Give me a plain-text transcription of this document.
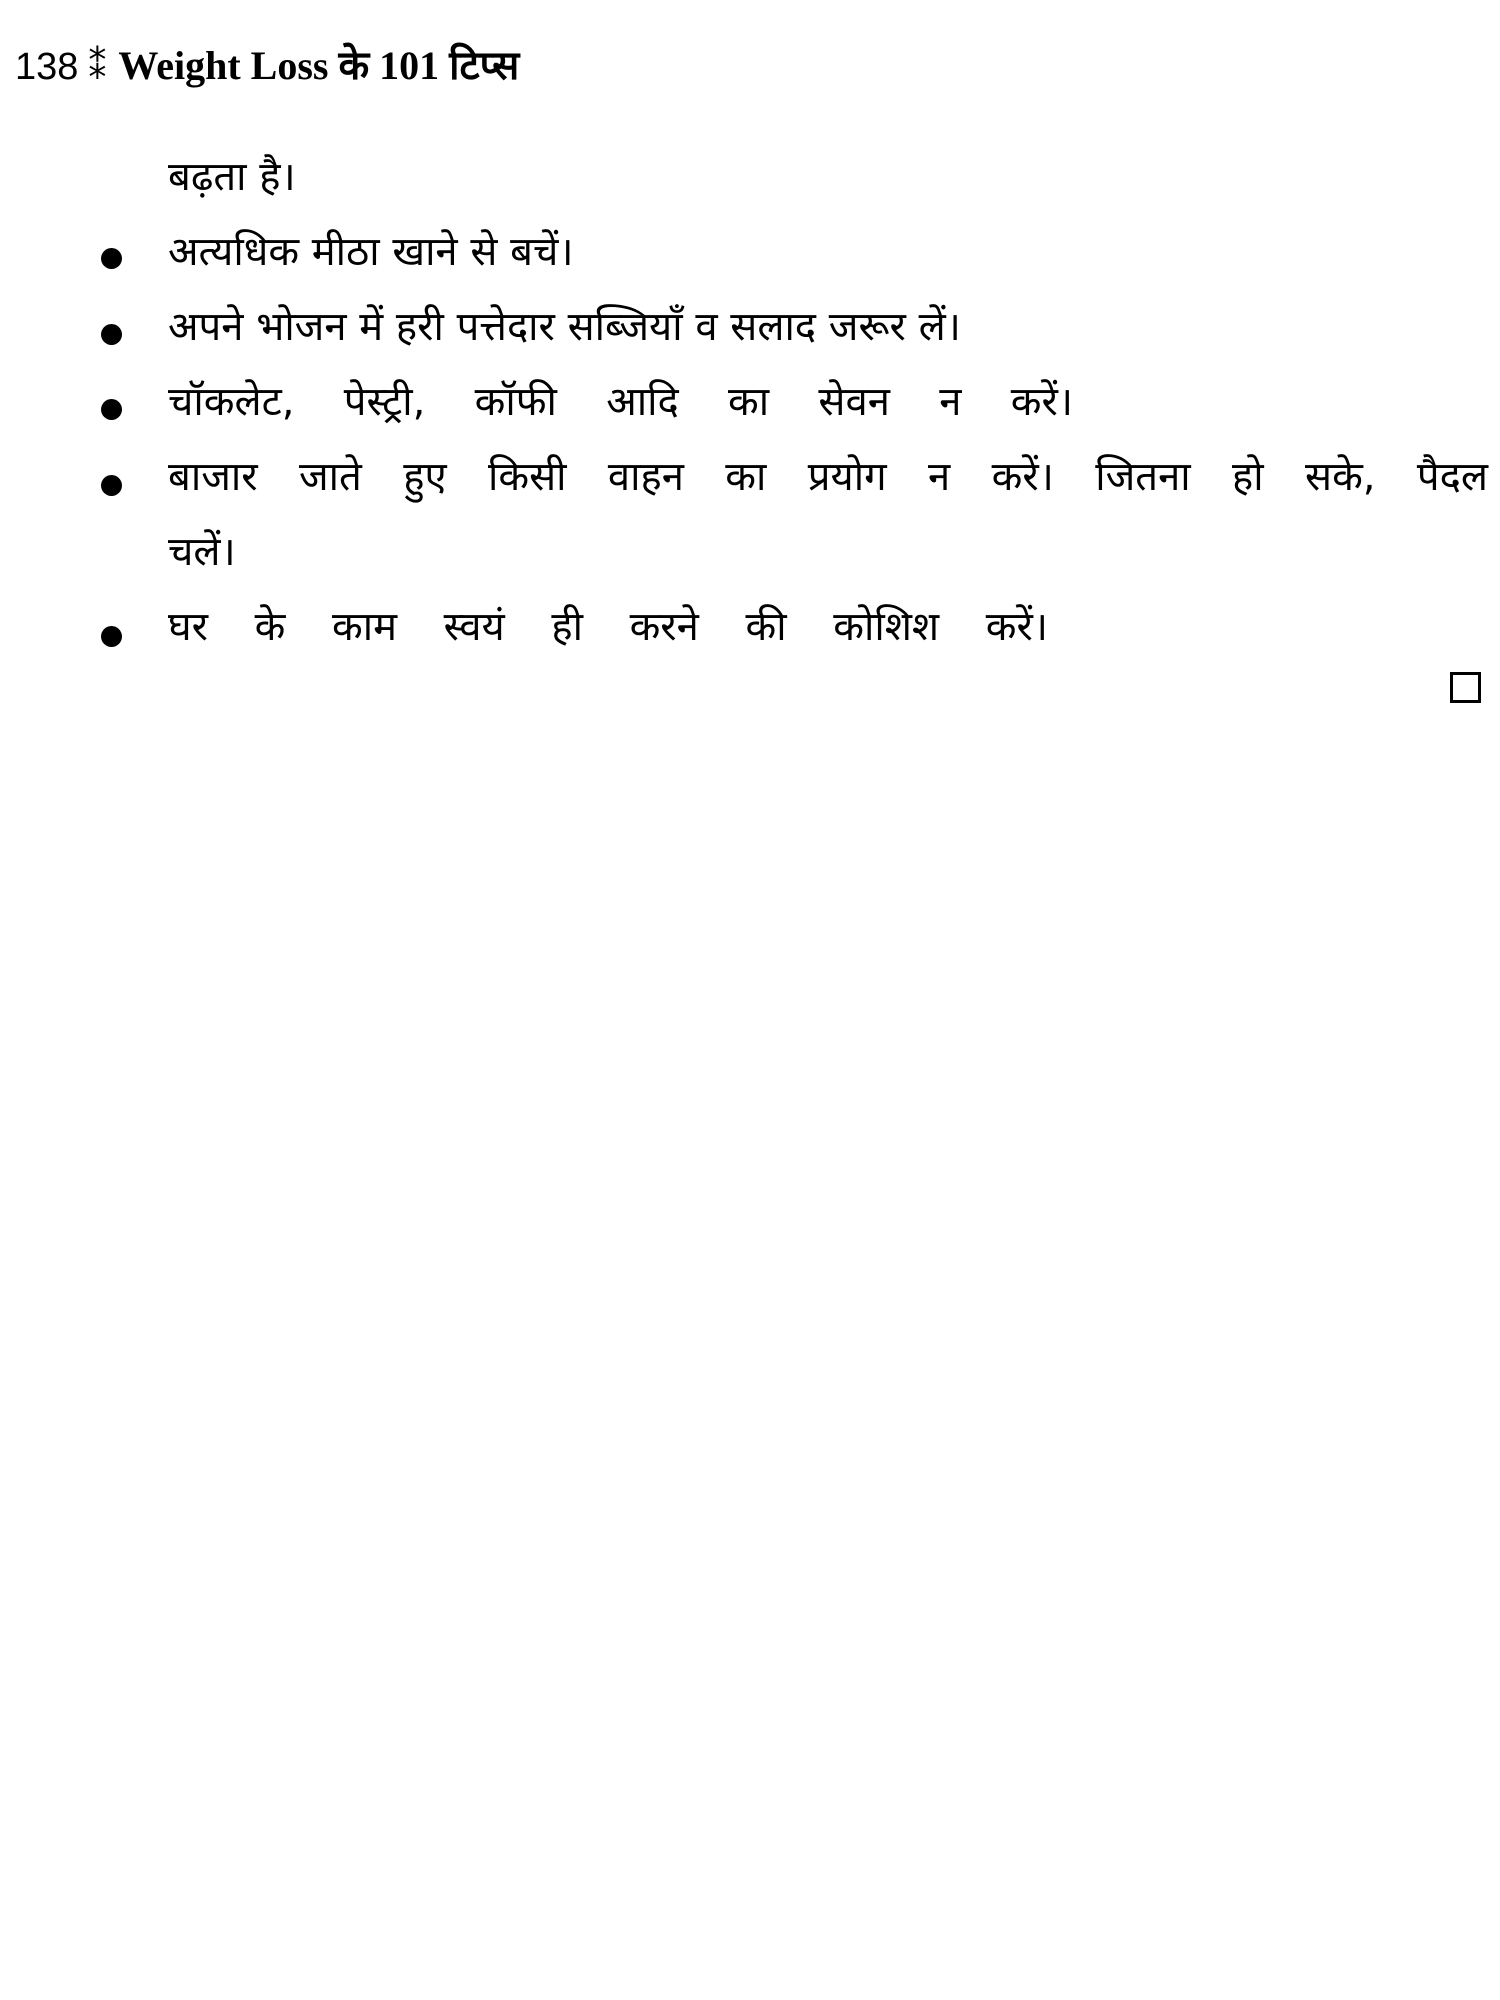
138 ⁑ Weight Loss के 101 टिप्स
बढ़ता है।
अत्यधिक मीठा खाने से बचें।
अपने भोजन में हरी पत्तेदार सब्जियाँ व सलाद जरूर लें।
चॉकलेट, पेस्ट्री, कॉफी आदि का सेवन न करें।
बाजार जाते हुए किसी वाहन का प्रयोग न करें। जितना हो सके, पैदल
चलें।
घर के काम स्वयं ही करने की कोशिश करें।
